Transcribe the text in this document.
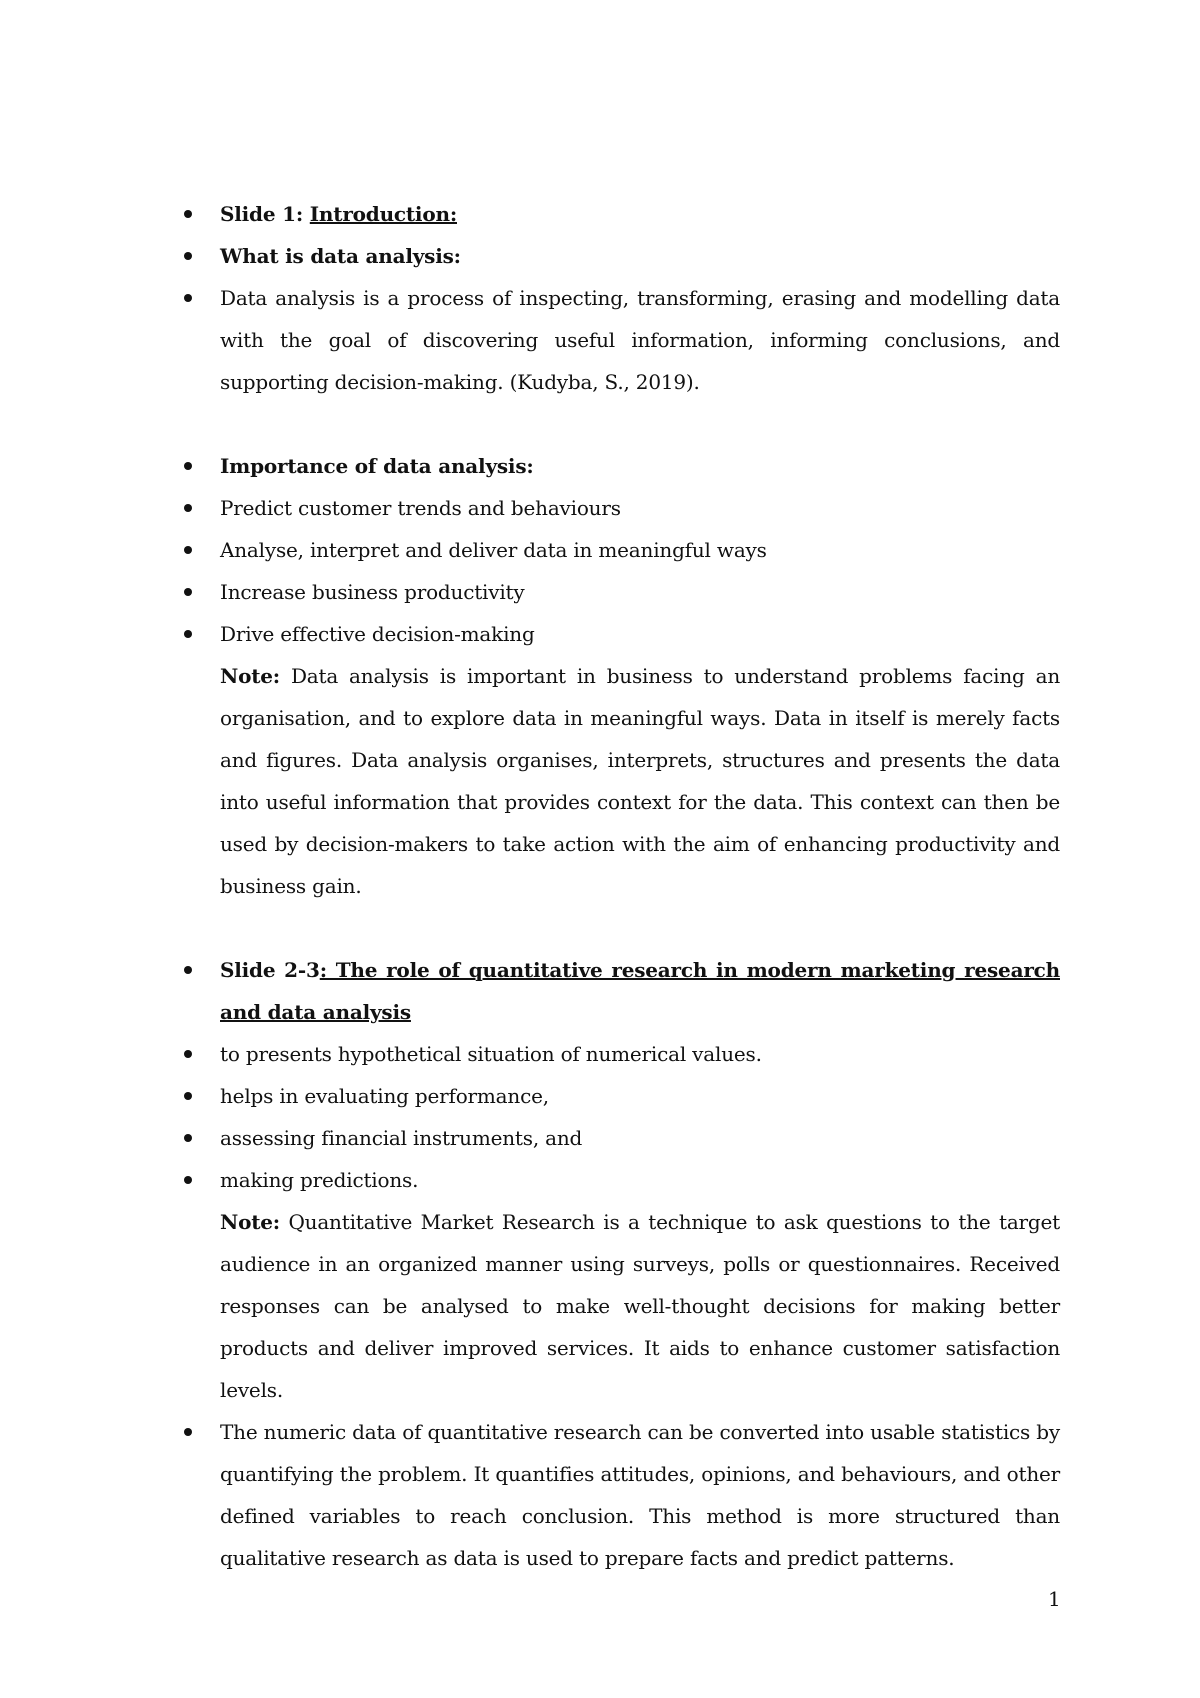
Slide 1: Introduction:
What is data analysis:
Data analysis is a process of inspecting, transforming, erasing and modelling data with the goal of discovering useful information, informing conclusions, and supporting decision-making. (Kudyba, S., 2019).
Importance of data analysis:
Predict customer trends and behaviours
Analyse, interpret and deliver data in meaningful ways
Increase business productivity
Drive effective decision-making
Note: Data analysis is important in business to understand problems facing an organisation, and to explore data in meaningful ways. Data in itself is merely facts and figures. Data analysis organises, interprets, structures and presents the data into useful information that provides context for the data. This context can then be used by decision-makers to take action with the aim of enhancing productivity and business gain.
Slide 2-3: The role of quantitative research in modern marketing research and data analysis
to presents hypothetical situation of numerical values.
helps in evaluating performance,
assessing financial instruments, and
making predictions.
Note: Quantitative Market Research is a technique to ask questions to the target audience in an organized manner using surveys, polls or questionnaires. Received responses can be analysed to make well-thought decisions for making better products and deliver improved services. It aids to enhance customer satisfaction levels.
The numeric data of quantitative research can be converted into usable statistics by quantifying the problem. It quantifies attitudes, opinions, and behaviours, and other defined variables to reach conclusion. This method is more structured than qualitative research as data is used to prepare facts and predict patterns.
1
